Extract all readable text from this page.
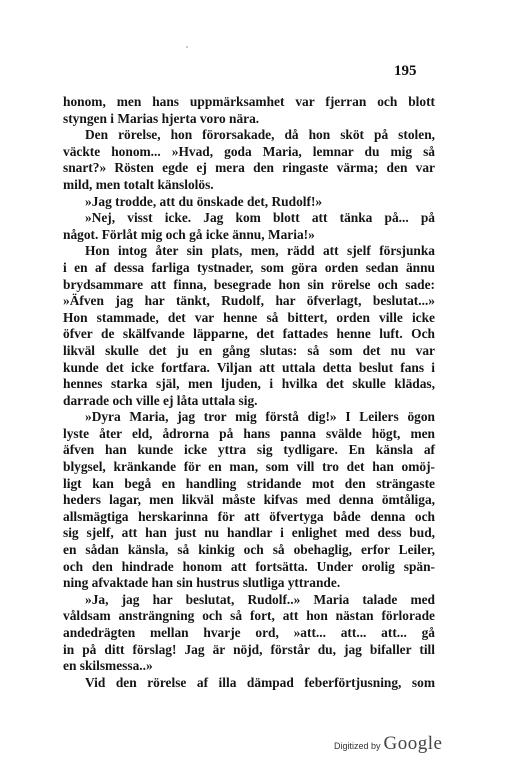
195
honom, men hans uppmärksamhet var fjerran och blott
styngen i Marias hjerta voro nära.
Den rörelse, hon förorsakade, då hon sköt på stolen,
väckte honom... »Hvad, goda Maria, lemnar du mig så
snart?» Rösten egde ej mera den ringaste värma; den var
mild, men totalt känslolös.
»Jag trodde, att du önskade det, Rudolf!»
»Nej, visst icke. Jag kom blott att tänka på... på
något. Förlåt mig och gå icke ännu, Maria!»
Hon intog åter sin plats, men, rädd att sjelf försjunka
i en af dessa farliga tystnader, som göra orden sedan ännu
brydsammare att finna, besegrade hon sin rörelse och sade:
»Äfven jag har tänkt, Rudolf, har öfverlagt, beslutat...»
Hon stammade, det var henne så bittert, orden ville icke
öfver de skälfvande läpparne, det fattades henne luft. Och
likväl skulle det ju en gång slutas: så som det nu var
kunde det icke fortfara. Viljan att uttala detta beslut fans i
hennes starka själ, men ljuden, i hvilka det skulle klädas,
darrade och ville ej låta uttala sig.
»Dyra Maria, jag tror mig förstå dig!» I Leilers ögon
lyste åter eld, ådrorna på hans panna svälde högt, men
äfven han kunde icke yttra sig tydligare. En känsla af
blygsel, kränkande för en man, som vill tro det han omöj-
ligt kan begå en handling stridande mot den strängaste
heders lagar, men likväl måste kifvas med denna ömtåliga,
allsmägtiga herskarinna för att öfvertyga både denna och
sig sjelf, att han just nu handlar i enlighet med dess bud,
en sådan känsla, så kinkig och så obehaglig, erfor Leiler,
och den hindrade honom att fortsätta. Under orolig spän-
ning afvaktade han sin hustrus slutliga yttrande.
»Ja, jag har beslutat, Rudolf..» Maria talade med
våldsam ansträngning och så fort, att hon nästan förlorade
andedrägten mellan hvarje ord, »att... att... att... gå
in på ditt förslag! Jag är nöjd, förstår du, jag bifaller till
en skilsmessa..»
Vid den rörelse af illa dämpad feberförtjusning, som
Digitized by Google
